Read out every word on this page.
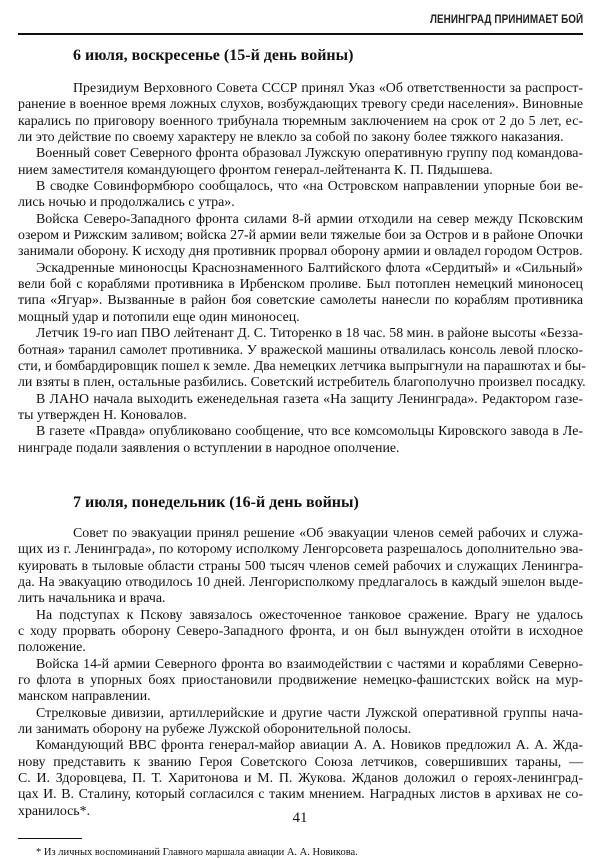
ЛЕНИНГРАД ПРИНИМАЕТ БОЙ
6 июля, воскресенье (15-й день войны)
Президиум Верховного Совета СССР принял Указ «Об ответственности за распрост-
ранение в военное время ложных слухов, возбуждающих тревогу среди населения». Виновные
карались по приговору военного трибунала тюремным заключением на срок от 2 до 5 лет, ес-
ли это действие по своему характеру не влекло за собой по закону более тяжкого наказания.
Военный совет Северного фронта образовал Лужскую оперативную группу под командова-
нием заместителя командующего фронтом генерал-лейтенанта К. П. Пядышева.
В сводке Совинформбюро сообщалось, что «на Островском направлении упорные бои ве-
лись ночью и продолжались с утра».
Войска Северо-Западного фронта силами 8-й армии отходили на север между Псковским
озером и Рижским заливом; войска 27-й армии вели тяжелые бои за Остров и в районе Опочки
занимали оборону. К исходу дня противник прорвал оборону армии и овладел городом Остров.
Эскадренные миноносцы Краснознаменного Балтийского флота «Сердитый» и «Сильный»
вели бой с кораблями противника в Ирбенском проливе. Был потоплен немецкий миноносец
типа «Ягуар». Вызванные в район боя советские самолеты нанесли по кораблям противника
мощный удар и потопили еще один миноносец.
Летчик 19-го иап ПВО лейтенант Д. С. Титоренко в 18 час. 58 мин. в районе высоты «Безза-
ботная» таранил самолет противника. У вражеской машины отвалилась консоль левой плоско-
сти, и бомбардировщик пошел к земле. Два немецких летчика выпрыгнули на парашютах и бы-
ли взяты в плен, остальные разбились. Советский истребитель благополучно произвел посадку.
В ЛАНО начала выходить еженедельная газета «На защиту Ленинграда». Редактором газе-
ты утвержден Н. Коновалов.
В газете «Правда» опубликовано сообщение, что все комсомольцы Кировского завода в Ле-
нинграде подали заявления о вступлении в народное ополчение.
7 июля, понедельник (16-й день войны)
Совет по эвакуации принял решение «Об эвакуации членов семей рабочих и служа-
щих из г. Ленинграда», по которому исполкому Ленгорсовета разрешалось дополнительно эва-
куировать в тыловые области страны 500 тысяч членов семей рабочих и служащих Ленингра-
да. На эвакуацию отводилось 10 дней. Ленгорисполкому предлагалось в каждый эшелон выде-
лить начальника и врача.
На подступах к Пскову завязалось ожесточенное танковое сражение. Врагу не удалось
с ходу прорвать оборону Северо-Западного фронта, и он был вынужден отойти в исходное
положение.
Войска 14-й армии Северного фронта во взаимодействии с частями и кораблями Северно-
го флота в упорных боях приостановили продвижение немецко-фашистских войск на мур-
манском направлении.
Стрелковые дивизии, артиллерийские и другие части Лужской оперативной группы нача-
ли занимать оборону на рубеже Лужской оборонительной полосы.
Командующий ВВС фронта генерал-майор авиации А. А. Новиков предложил А. А. Жда-
нову представить к званию Героя Советского Союза летчиков, совершивших тараны, —
С. И. Здоровцева, П. Т. Харитонова и М. П. Жукова. Жданов доложил о героях-ленинград-
цах И. В. Сталину, который согласился с таким мнением. Наградных листов в архивах не со-
хранилось*.
* Из личных воспоминаний Главного маршала авиации А. А. Новикова.
41
